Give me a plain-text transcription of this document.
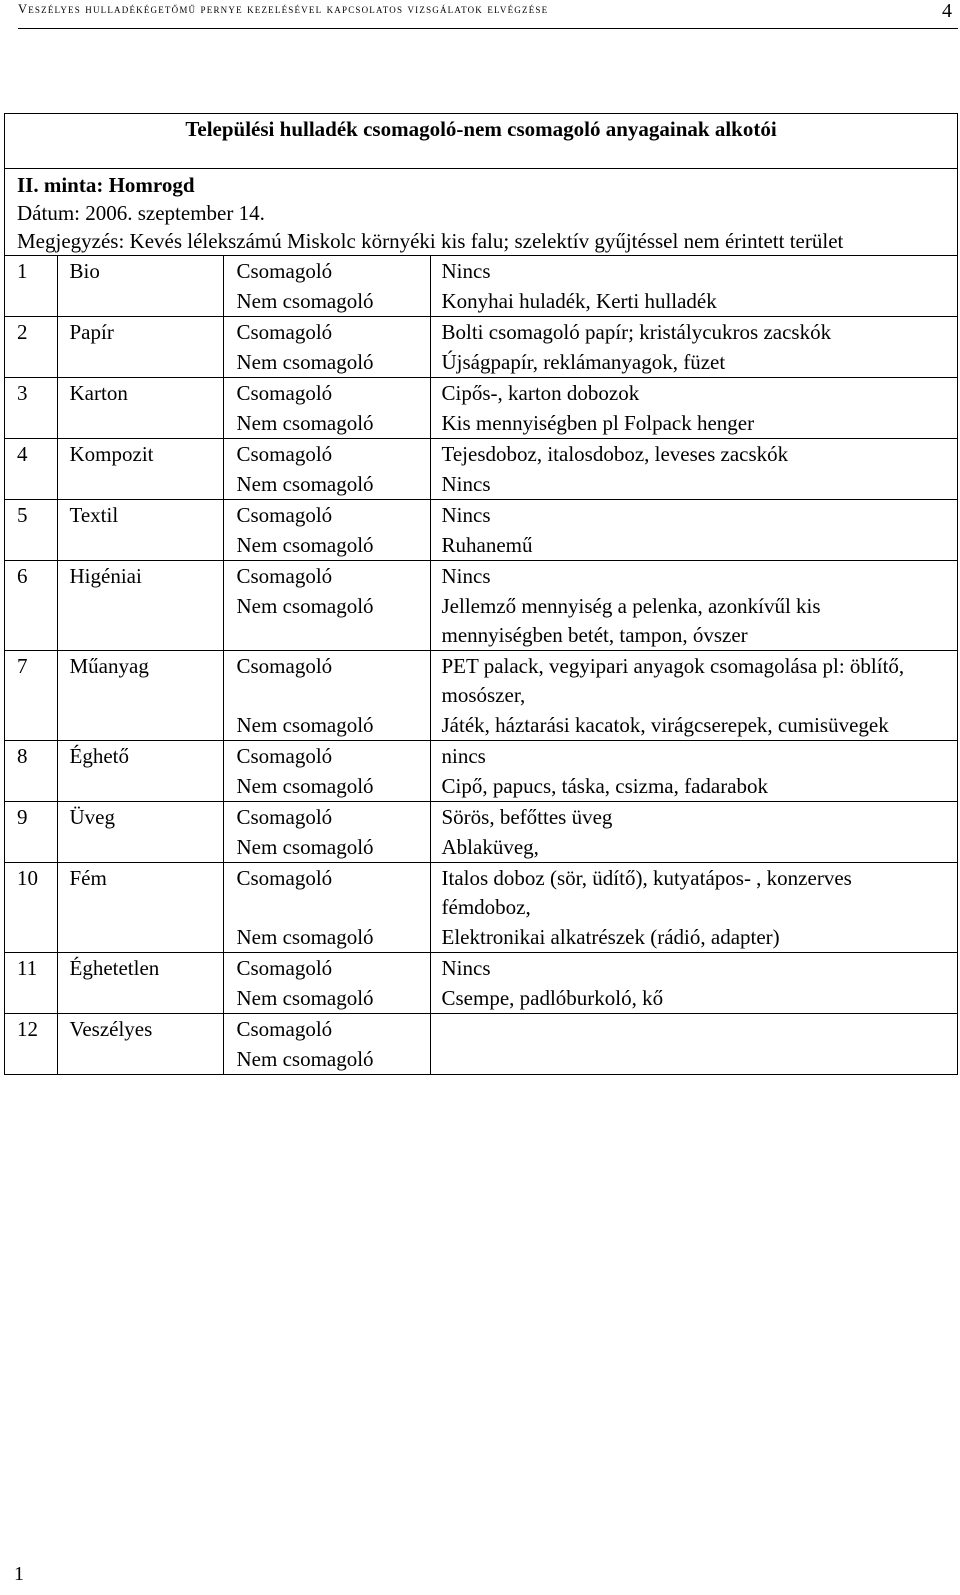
Veszélyes hulladékégetőmű pernye kezelésével kapcsolatos vizsgálatok elvégzése	4
Települési hulladék csomagoló-nem csomagoló anyagainak alkotói
II. minta: Homrogd
Dátum: 2006. szeptember 14.
Megjegyzés: Kevés lélekszámú Miskolc környéki kis falu; szelektív gyűjtéssel nem érintett terület
1	Bio	Csomagoló	Nincs
		Nem csomagoló	Konyhai huladék, Kerti hulladék
2	Papír	Csomagoló	Bolti csomagoló papír; kristálycukros zacskók
		Nem csomagoló	Újságpapír, reklámanyagok, füzet
3	Karton	Csomagoló	Cipős-, karton dobozok
		Nem csomagoló	Kis mennyiségben pl Folpack henger
4	Kompozit	Csomagoló	Tejesdoboz, italosdoboz, leveses zacskók
		Nem csomagoló	Nincs
5	Textil	Csomagoló	Nincs
		Nem csomagoló	Ruhanemű
6	Higéniai	Csomagoló	Nincs
		Nem csomagoló	Jellemző mennyiség a pelenka, azonkívűl kis mennyiségben betét, tampon, óvszer
7	Műanyag	Csomagoló	PET palack, vegyipari anyagok csomagolása pl: öblítő, mosószer,
		Nem csomagoló	Játék, háztarási kacatok, virágcserepek, cumisüvegek
8	Éghető	Csomagoló	nincs
		Nem csomagoló	Cipő, papucs, táska, csizma, fadarabok
9	Üveg	Csomagoló	Sörös, befőttes üveg
		Nem csomagoló	Ablaküveg,
10	Fém	Csomagoló	Italos doboz (sör, üdítő), kutyatápos- , konzerves fémdoboz,
		Nem csomagoló	Elektronikai alkatrészek (rádió, adapter)
11	Éghetetlen	Csomagoló	Nincs
		Nem csomagoló	Csempe, padlóburkoló, kő
12	Veszélyes	Csomagoló	
		Nem csomagoló	
1
